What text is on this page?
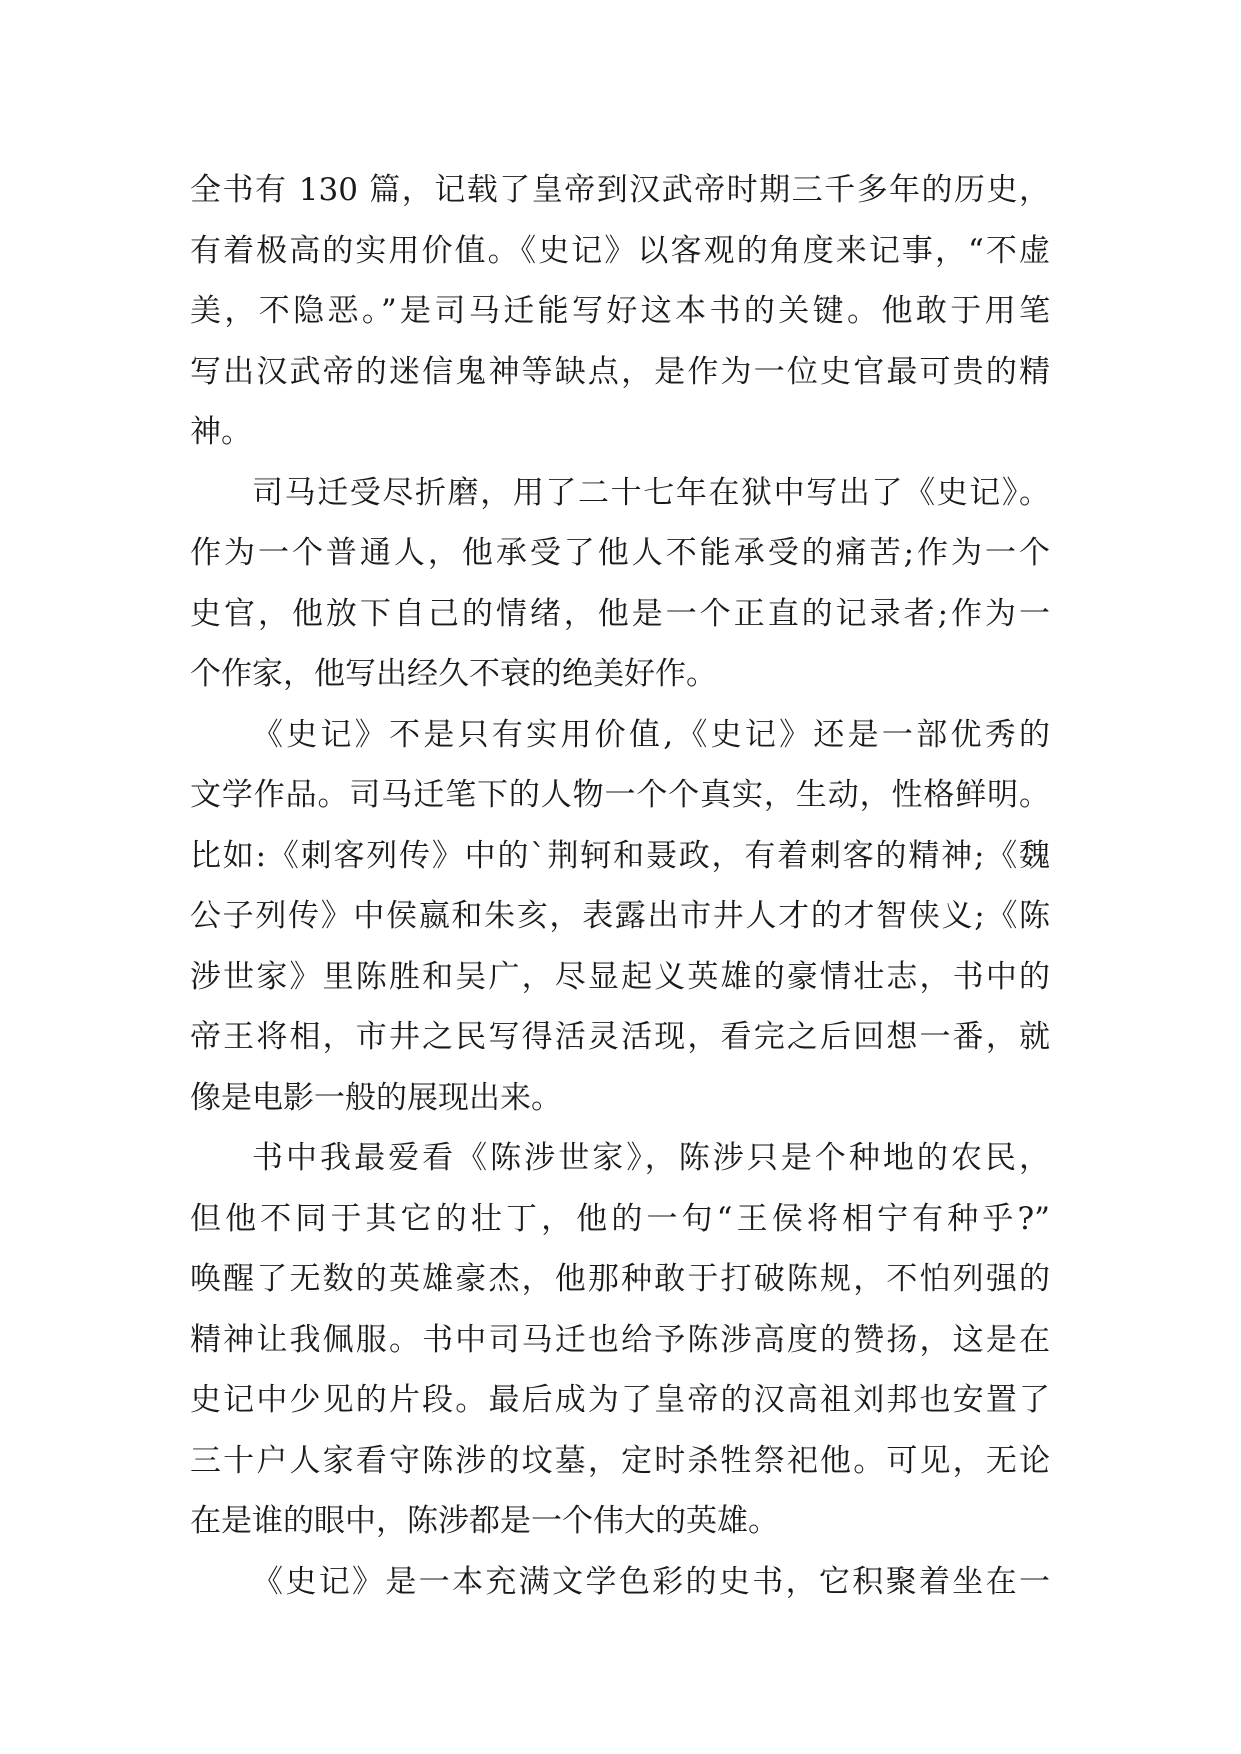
全书有 130 篇，记载了皇帝到汉武帝时期三千多年的历史，
有着极高的实用价值。《史记》以客观的角度来记事，“不虚
美，不隐恶。”是司马迁能写好这本书的关键。他敢于用笔
写出汉武帝的迷信鬼神等缺点，是作为一位史官最可贵的精
神。
司马迁受尽折磨，用了二十七年在狱中写出了《史记》。
作为一个普通人，他承受了他人不能承受的痛苦;作为一个
史官，他放下自己的情绪，他是一个正直的记录者;作为一
个作家，他写出经久不衰的绝美好作。
《史记》不是只有实用价值,《史记》还是一部优秀的
文学作品。司马迁笔下的人物一个个真实，生动，性格鲜明。
比如:《刺客列传》中的`荆轲和聂政，有着刺客的精神;《魏
公子列传》中侯嬴和朱亥，表露出市井人才的才智侠义;《陈
涉世家》里陈胜和吴广，尽显起义英雄的豪情壮志，书中的
帝王将相，市井之民写得活灵活现，看完之后回想一番，就
像是电影一般的展现出来。
书中我最爱看《陈涉世家》，陈涉只是个种地的农民，
但他不同于其它的壮丁，他的一句“王侯将相宁有种乎?”
唤醒了无数的英雄豪杰，他那种敢于打破陈规，不怕列强的
精神让我佩服。书中司马迁也给予陈涉高度的赞扬，这是在
史记中少见的片段。最后成为了皇帝的汉高祖刘邦也安置了
三十户人家看守陈涉的坟墓，定时杀牲祭祀他。可见，无论
在是谁的眼中，陈涉都是一个伟大的英雄。
《史记》是一本充满文学色彩的史书，它积聚着坐在一
